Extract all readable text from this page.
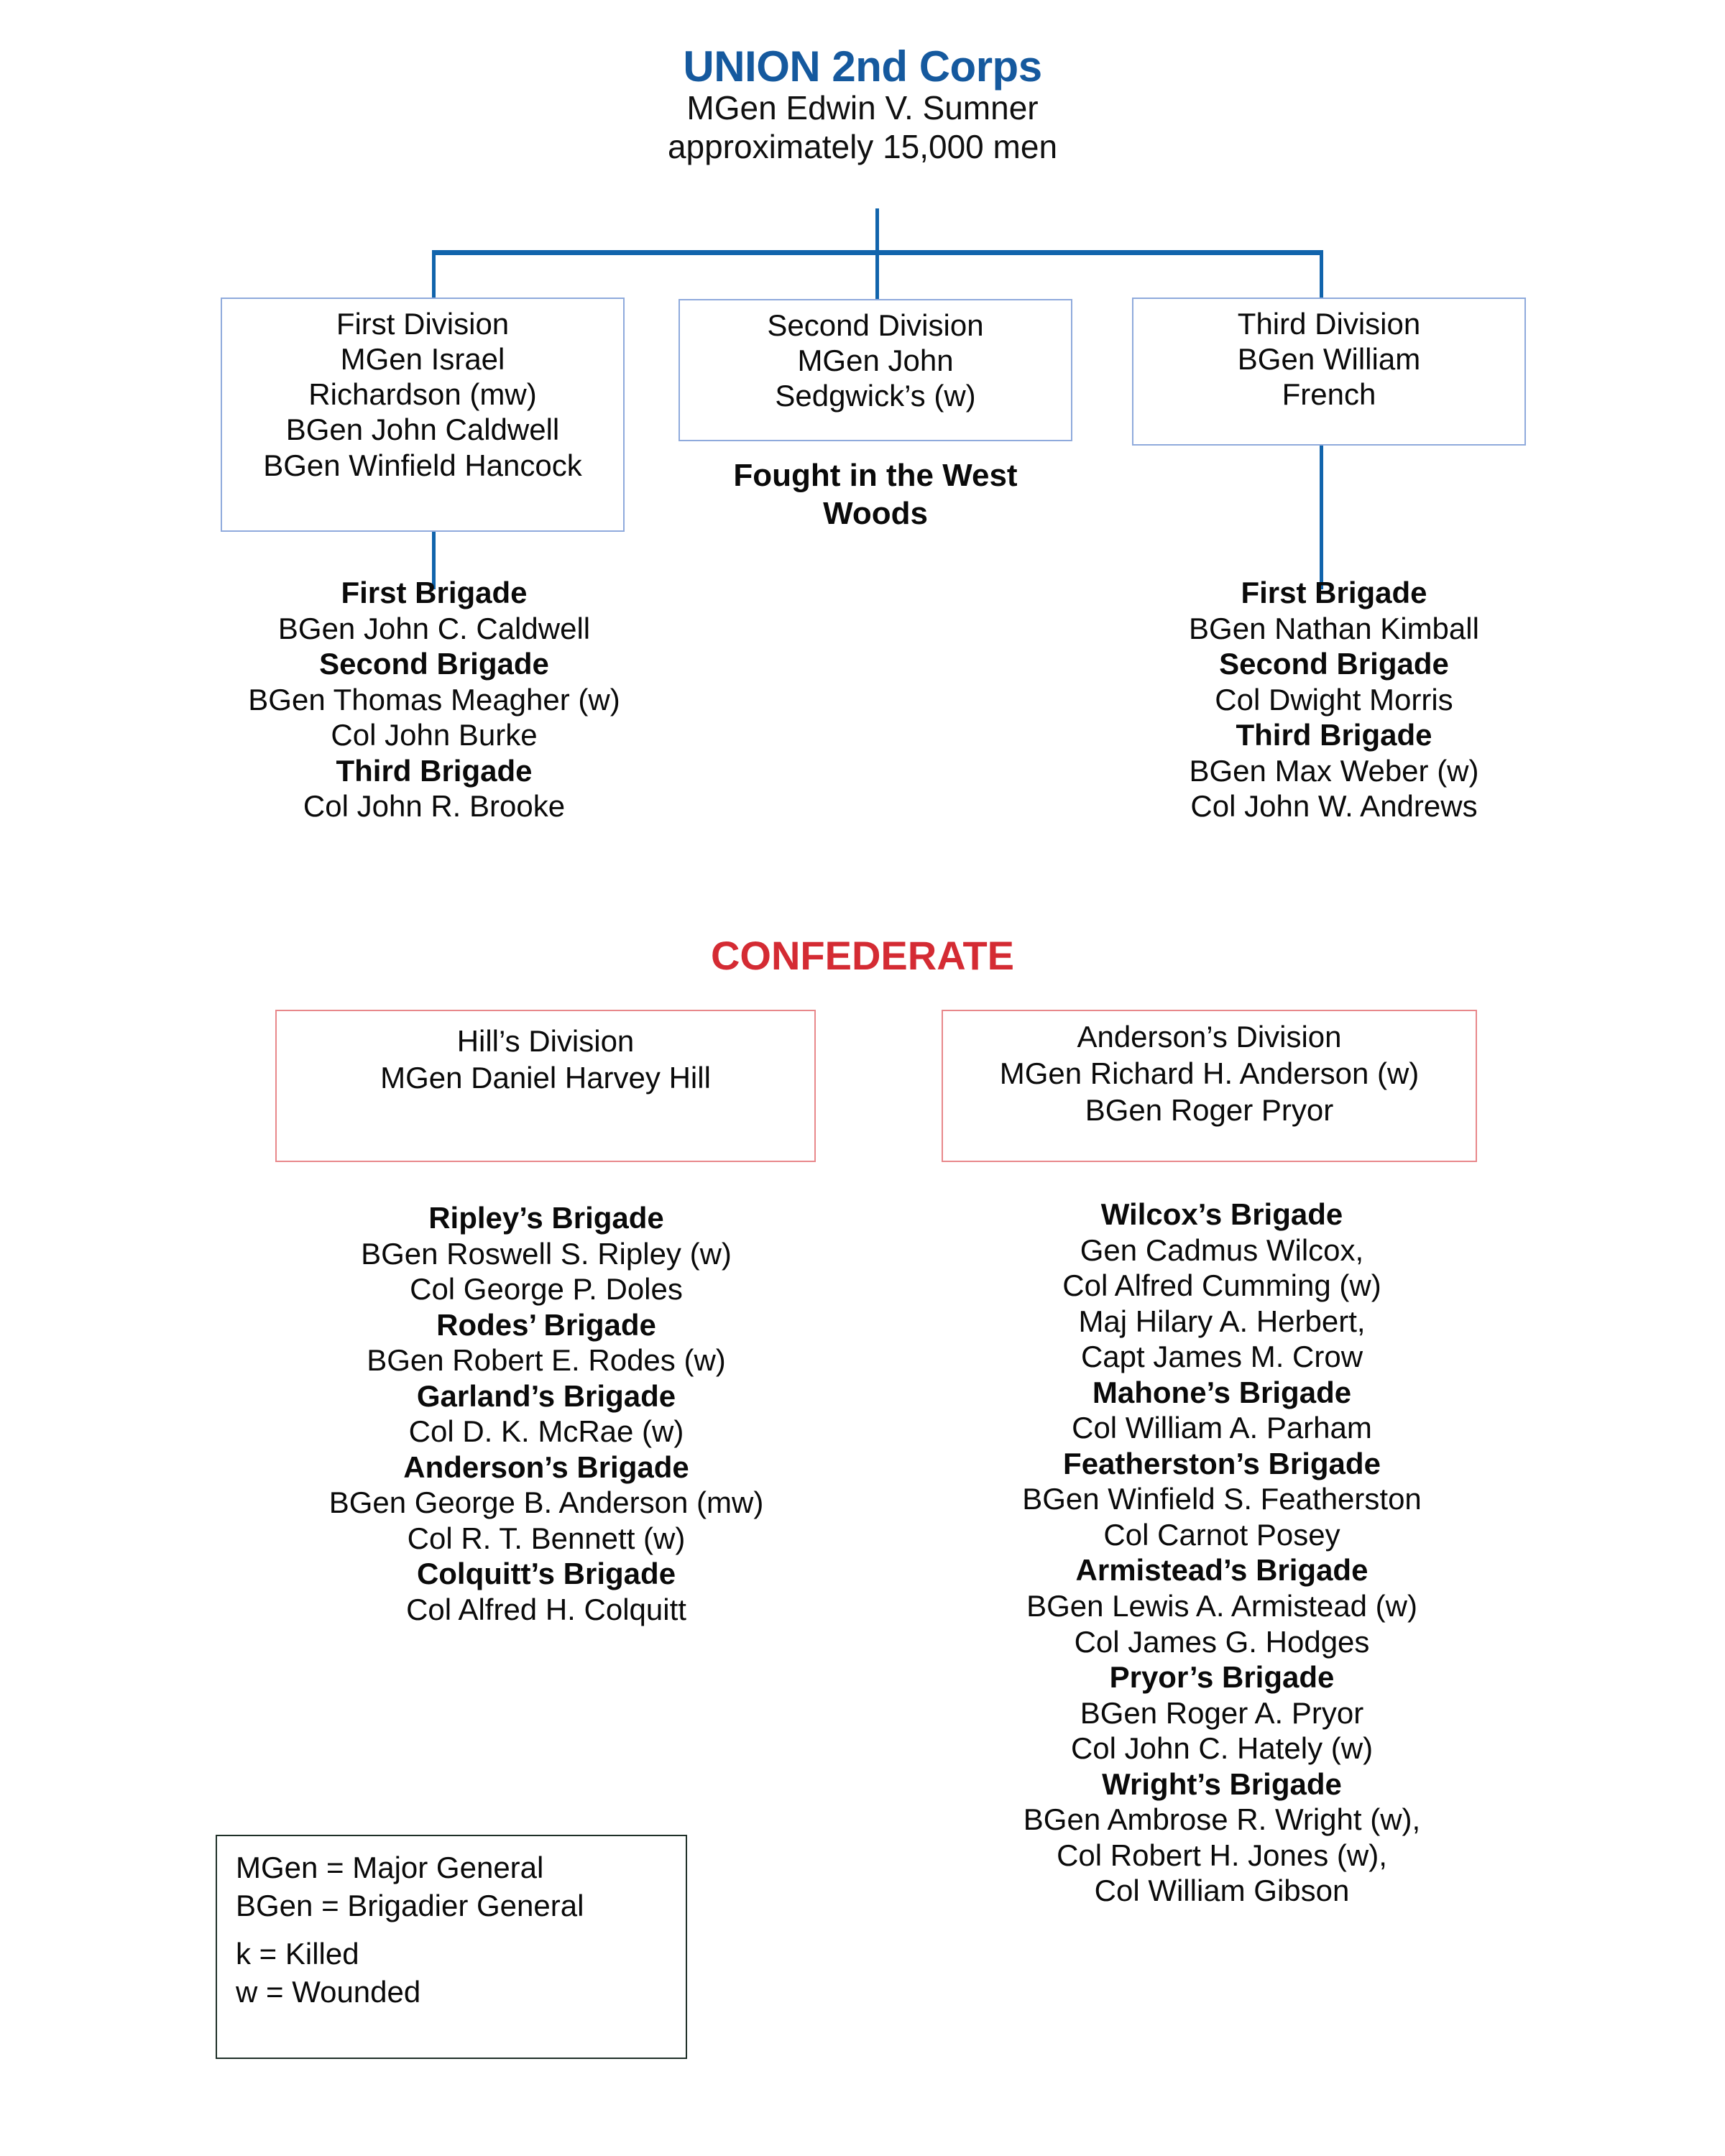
UNION 2nd Corps
MGen Edwin V. Sumner
approximately 15,000 men
First Division
MGen Israel
Richardson (mw)
BGen John Caldwell
BGen Winfield Hancock
Second Division
MGen John
Sedgwick’s (w)
Fought in the West Woods
Third Division
BGen William
French
First Brigade
BGen John C. Caldwell
Second Brigade
BGen Thomas Meagher (w)
Col John Burke
Third Brigade
Col John R. Brooke
First Brigade
BGen Nathan Kimball
Second Brigade
Col Dwight Morris
Third Brigade
BGen Max Weber (w)
Col John W. Andrews
CONFEDERATE
Hill’s Division
MGen Daniel Harvey Hill
Anderson’s Division
MGen Richard H. Anderson (w)
BGen Roger Pryor
Ripley’s Brigade
BGen Roswell S. Ripley (w)
Col George P. Doles
Rodes’ Brigade
BGen Robert E. Rodes (w)
Garland’s Brigade
Col D. K. McRae (w)
Anderson’s Brigade
BGen George B. Anderson (mw)
Col R. T. Bennett (w)
Colquitt’s Brigade
Col Alfred H. Colquitt
Wilcox’s Brigade
Gen Cadmus Wilcox,
Col Alfred Cumming (w)
Maj Hilary A. Herbert,
Capt James M. Crow
Mahone’s Brigade
Col William A. Parham
Featherston’s Brigade
BGen Winfield S. Featherston
Col Carnot Posey
Armistead’s Brigade
BGen Lewis A. Armistead (w)
Col James G. Hodges
Pryor’s Brigade
BGen Roger A. Pryor
Col John C. Hately (w)
Wright’s Brigade
BGen Ambrose R. Wright (w),
Col Robert H. Jones (w),
Col William Gibson
MGen = Major General
BGen = Brigadier General
k = Killed
w = Wounded
